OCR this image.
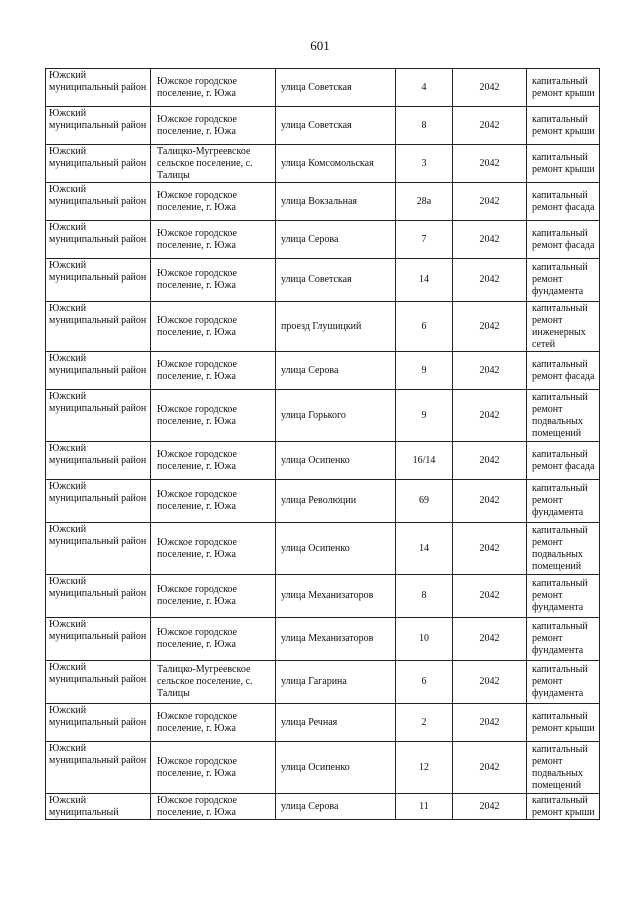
601
Южский муниципальный район	Южское городское поселение, г. Южа	улица Советская	4	2042	капитальный ремонт крыши
Южский муниципальный район	Южское городское поселение, г. Южа	улица Советская	8	2042	капитальный ремонт крыши
Южский муниципальный район	Талицко-Мугреевское сельское поселение, с. Талицы	улица Комсомольская	3	2042	капитальный ремонт крыши
Южский муниципальный район	Южское городское поселение, г. Южа	улица Вокзальная	28а	2042	капитальный ремонт фасада
Южский муниципальный район	Южское городское поселение, г. Южа	улица Серова	7	2042	капитальный ремонт фасада
Южский муниципальный район	Южское городское поселение, г. Южа	улица Советская	14	2042	капитальный ремонт фундамента
Южский муниципальный район	Южское городское поселение, г. Южа	проезд Глушицкий	6	2042	капитальный ремонт инженерных сетей
Южский муниципальный район	Южское городское поселение, г. Южа	улица Серова	9	2042	капитальный ремонт фасада
Южский муниципальный район	Южское городское поселение, г. Южа	улица Горького	9	2042	капитальный ремонт подвальных помещений
Южский муниципальный район	Южское городское поселение, г. Южа	улица Осипенко	16/14	2042	капитальный ремонт фасада
Южский муниципальный район	Южское городское поселение, г. Южа	улица Революции	69	2042	капитальный ремонт фундамента
Южский муниципальный район	Южское городское поселение, г. Южа	улица Осипенко	14	2042	капитальный ремонт подвальных помещений
Южский муниципальный район	Южское городское поселение, г. Южа	улица Механизаторов	8	2042	капитальный ремонт фундамента
Южский муниципальный район	Южское городское поселение, г. Южа	улица Механизаторов	10	2042	капитальный ремонт фундамента
Южский муниципальный район	Талицко-Мугреевское сельское поселение, с. Талицы	улица Гагарина	6	2042	капитальный ремонт фундамента
Южский муниципальный район	Южское городское поселение, г. Южа	улица Речная	2	2042	капитальный ремонт крыши
Южский муниципальный район	Южское городское поселение, г. Южа	улица Осипенко	12	2042	капитальный ремонт подвальных помещений
Южский муниципальный	Южское городское поселение, г. Южа	улица Серова	11	2042	капитальный ремонт крыши
